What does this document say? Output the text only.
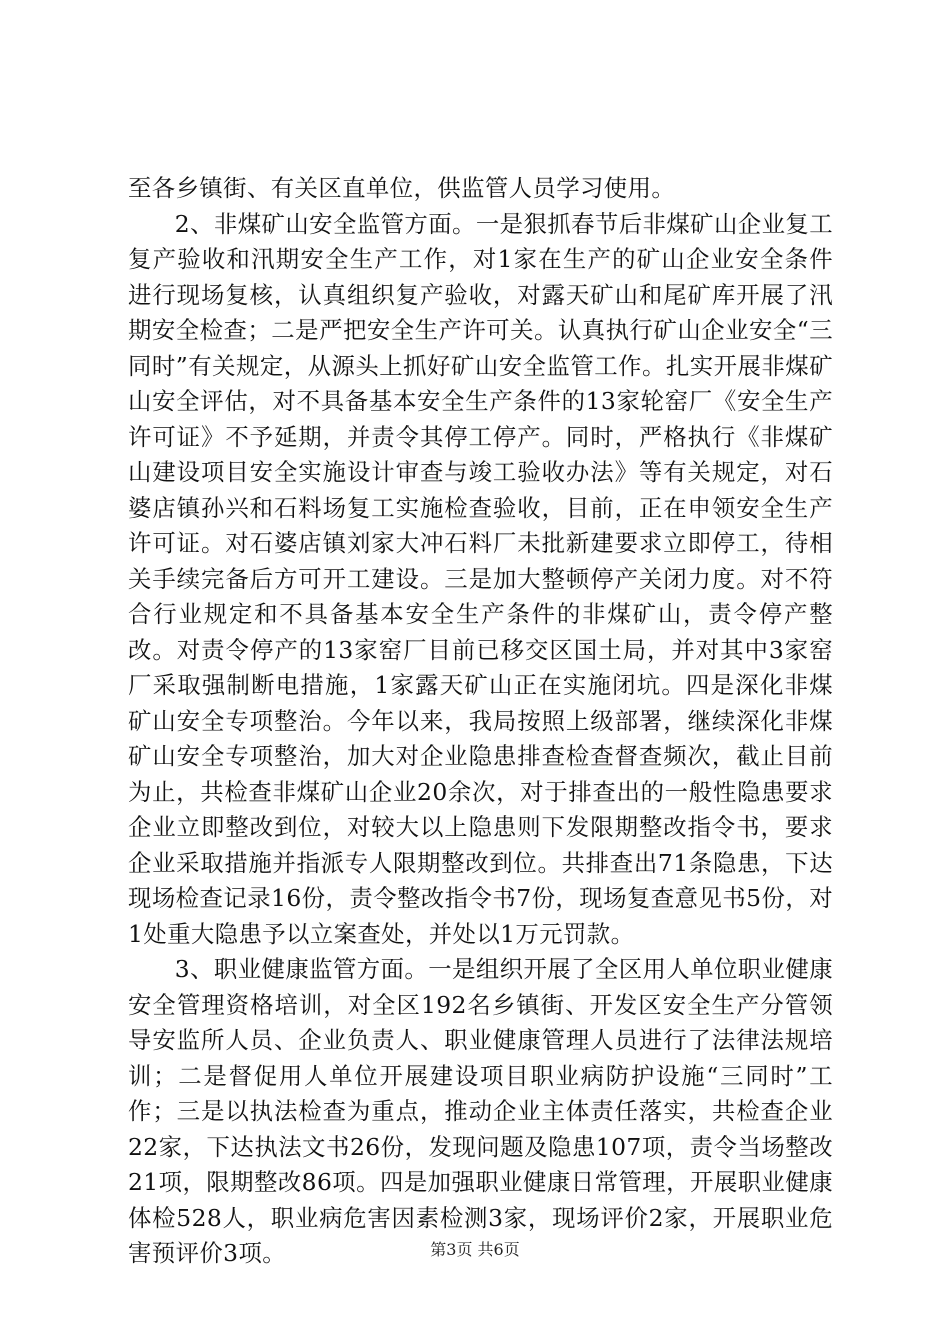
至各乡镇街、有关区直单位，供监管人员学习使用。

2、非煤矿山安全监管方面。一是狠抓春节后非煤矿山企业复工复产验收和汛期安全生产工作，对1家在生产的矿山企业安全条件进行现场复核，认真组织复产验收，对露天矿山和尾矿库开展了汛期安全检查；二是严把安全生产许可关。认真执行矿山企业安全“三同时”有关规定，从源头上抓好矿山安全监管工作。扎实开展非煤矿山安全评估，对不具备基本安全生产条件的13家轮窑厂《安全生产许可证》不予延期，并责令其停工停产。同时，严格执行《非煤矿山建设项目安全实施设计审查与竣工验收办法》等有关规定，对石婆店镇孙兴和石料场复工实施检查验收，目前，正在申领安全生产许可证。对石婆店镇刘家大冲石料厂未批新建要求立即停工，待相关手续完备后方可开工建设。三是加大整顿停产关闭力度。对不符合行业规定和不具备基本安全生产条件的非煤矿山，责令停产整改。对责令停产的13家窑厂目前已移交区国土局，并对其中3家窑厂采取强制断电措施，1家露天矿山正在实施闭坑。四是深化非煤矿山安全专项整治。今年以来，我局按照上级部署，继续深化非煤矿山安全专项整治，加大对企业隐患排查检查督查频次，截止目前为止，共检查非煤矿山企业20余次，对于排查出的一般性隐患要求企业立即整改到位，对较大以上隐患则下发限期整改指令书，要求企业采取措施并指派专人限期整改到位。共排查出71条隐患，下达现场检查记录16份，责令整改指令书7份，现场复查意见书5份，对1处重大隐患予以立案查处，并处以1万元罚款。

3、职业健康监管方面。一是组织开展了全区用人单位职业健康安全管理资格培训，对全区192名乡镇街、开发区安全生产分管领导安监所人员、企业负责人、职业健康管理人员进行了法律法规培训；二是督促用人单位开展建设项目职业病防护设施“三同时”工作；三是以执法检查为重点，推动企业主体责任落实，共检查企业22家，下达执法文书26份，发现问题及隐患107项，责令当场整改21项，限期整改86项。四是加强职业健康日常管理，开展职业健康体检528人，职业病危害因素检测3家，现场评价2家，开展职业危害预评价3项。	第3页 共6页
